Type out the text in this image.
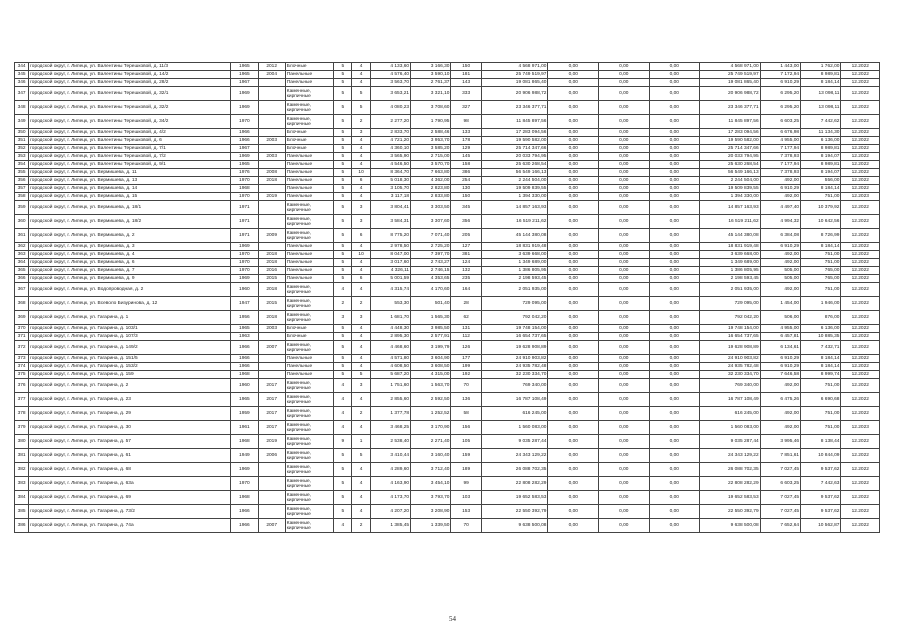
344	городской округ, г. Липецк, ул. Валентины Терешковой, д. 11/3	1965	2012	Блочные	5	4	4 133,60	3 166,30	150	4 568 971,00	0,00	0,00	0,00	4 568 971,00	1 443,00	1 762,00	12.2022
345	городской округ, г. Липецк, ул. Валентины Терешковой, д. 14/2	1965	2004	Панельные	5	4	4 576,40	3 590,10	181	25 749 519,97	0,00	0,00	0,00	25 749 519,97	7 172,94	8 989,81	12.2022
346	городской округ, г. Липецк, ул. Валентины Терешковой, д. 28/2	1967		Панельные	5	4	3 563,70	2 761,37	143	19 081 865,40	0,00	0,00	0,00	19 081 865,40	6 910,29	8 184,14	12.2022
347	городской округ, г. Липецк, ул. Валентины Терешковой, д. 32/1	1969		Каменные, кирпичные	5	5	3 653,21	3 321,10	333	20 906 988,72	0,00	0,00	0,00	20 906 988,72	6 295,20	13 098,11	12.2022
348	городской округ, г. Липецк, ул. Валентины Терешковой, д. 32/2	1969		Каменные, кирпичные	5	5	4 080,23	3 708,60	327	23 346 377,71	0,00	0,00	0,00	23 346 377,71	6 295,20	13 098,11	12.2022
349	городской округ, г. Липецк, ул. Валентины Терешковой, д. 34/2	1970		Каменные, кирпичные	5	2	2 277,20	1 790,95	98	11 845 897,56	0,00	0,00	0,00	11 845 897,56	6 603,25	7 442,62	12.2022
350	городской округ, г. Липецк, ул. Валентины Терешковой, д. 4/2	1966		Блочные	5	3	2 833,70	2 588,46	133	17 283 094,56	0,00	0,00	0,00	17 283 094,56	6 676,98	11 134,30	12.2022
351	городской округ, г. Липецк, ул. Валентины Терешковой, д. 6	1966	2003	Блочные	5	4	4 721,20	3 953,70	178	19 590 582,00	0,00	0,00	0,00	19 590 582,00	4 955,00	6 136,00	12.2022
352	городской округ, г. Липецк, ул. Валентины Терешковой, д. 7/1	1967		Блочные	5	4	4 360,10	3 585,20	129	25 714 347,66	0,00	0,00	0,00	25 714 347,66	7 177,94	8 989,81	12.2022
353	городской округ, г. Липецк, ул. Валентины Терешковой, д. 7/2	1969	2003	Панельные	5	4	3 565,90	2 715,00	145	20 033 794,95	0,00	0,00	0,00	20 033 794,95	7 378,93	8 194,07	12.2022
354	городской округ, г. Липецк, ул. Валентины Терешковой, д. 9/1	1965		Панельные	5	4	4 546,50	3 570,70	158	25 630 268,54	0,00	0,00	0,00	25 630 268,54	7 177,94	8 989,81	12.2022
355	городской округ, г. Липецк, ул. Вермишева, д. 11	1976	2008	Панельные	5	10	8 364,70	7 663,80	386	56 549 166,13	0,00	0,00	0,00	56 549 166,13	7 378,93	8 194,07	12.2022
356	городской округ, г. Липецк, ул. Вермишева, д. 13	1970	2018	Панельные	5	6	5 018,30	4 362,00	254	2 244 504,00	0,00	0,00	0,00	2 244 504,00	492,00	556,00	12.2022
357	городской округ, г. Липецк, ул. Вермишева, д. 14	1968		Панельные	5	4	3 105,70	2 823,80	130	19 509 839,55	0,00	0,00	0,00	19 509 839,55	6 910,29	8 184,14	12.2022
358	городской округ, г. Липецк, ул. Вермишева, д. 15	1970	2019	Панельные	5	4	3 117,18	2 833,80	150	1 394 330,00	0,00	0,00	0,00	1 394 330,00	492,00	751,00	12.2023
359	городской округ, г. Липецк, ул. Вермишева, д. 18/1	1971		Каменные, кирпичные	5	3	3 804,41	3 303,50	345	14 857 163,93	0,00	0,00	0,00	14 857 163,93	4 497,40	10 379,92	12.2022
360	городской округ, г. Липецк, ул. Вермишева, д. 18/2	1971		Каменные, кирпичные	5	3	3 584,31	3 307,60	356	16 519 211,62	0,00	0,00	0,00	16 519 211,62	4 994,32	10 642,56	12.2022
361	городской округ, г. Липецк, ул. Вермишева, д. 2	1971	2009	Каменные, кирпичные	5	6	8 775,20	7 071,40	205	45 144 380,08	0,00	0,00	0,00	45 144 380,08	6 384,08	8 726,99	12.2022
362	городской округ, г. Липецк, ул. Вермишева, д. 3	1969		Панельные	5	4	2 978,50	2 725,20	127	18 831 919,48	0,00	0,00	0,00	18 831 919,48	6 910,29	8 184,14	12.2022
363	городской округ, г. Липецк, ул. Вермишева, д. 4	1970	2018	Панельные	5	10	8 047,00	7 397,70	381	3 639 668,00	0,00	0,00	0,00	3 639 668,00	492,00	751,00	12.2022
364	городской округ, г. Липецк, ул. Вермишева, д. 6	1970	2018	Панельные	5	4	3 017,60	2 743,27	124	1 349 689,00	0,00	0,00	0,00	1 349 689,00	492,00	751,00	12.2022
365	городской округ, г. Липецк, ул. Вермишева, д. 7	1970	2016	Панельные	5	4	4 326,11	2 746,15	132	1 386 805,95	0,00	0,00	0,00	1 386 805,95	505,00	765,00	12.2022
366	городской округ, г. Липецк, ул. Вермишева, д. 9	1969	2015	Панельные	5	6	5 001,59	4 353,65	235	2 198 593,45	0,00	0,00	0,00	2 198 593,45	505,00	765,00	12.2022
367	городской округ, г. Липецк, ул. Водопроводная, д. 2	1960	2018	Каменные, кирпичные	4	4	4 315,74	4 170,60	164	2 051 935,00	0,00	0,00	0,00	2 051 935,00	492,00	751,00	12.2022
368	городской округ, г. Липецк, ул. Всеволо Бизуринова, д. 12	1947	2015	Каменные, кирпичные	2	2	553,30	501,40	28	729 095,00	0,00	0,00	0,00	729 095,00	1 454,00	1 946,00	12.2022
369	городской округ, г. Липецк, ул. Гагарина, д. 1	1956	2018	Каменные, кирпичные	3	3	1 681,70	1 565,30	62	792 042,20	0,00	0,00	0,00	792 042,20	506,00	876,00	12.2022
370	городской округ, г. Липецк, ул. Гагарина, д. 103/1	1965	2003	Блочные	5	4	4 448,30	3 985,50	131	19 748 154,00	0,00	0,00	0,00	19 748 154,00	4 955,00	6 136,00	12.2022
371	городской округ, г. Липецк, ул. Гагарина, д. 107/3	1963		Блочные	5	4	2 895,30	2 577,91	112	16 654 737,65	0,00	0,00	0,00	16 654 737,65	6 457,81	10 885,35	12.2022
372	городской округ, г. Липецк, ул. Гагарина, д. 149/2	1966	2007	Каменные, кирпичные	5	4	4 468,60	3 199,79	126	19 628 908,89	0,00	0,00	0,00	19 628 908,89	6 134,61	7 432,71	12.2022
373	городской округ, г. Липецк, ул. Гагарина, д. 151/5	1966		Панельные	5	4	4 571,80	3 604,90	177	24 910 903,82	0,00	0,00	0,00	24 910 903,82	6 910,29	8 184,14	12.2022
374	городской округ, г. Липецк, ул. Гагарина, д. 153/2	1966		Панельные	5	4	4 608,50	3 608,50	199	24 935 782,48	0,00	0,00	0,00	24 935 782,48	6 910,29	8 184,14	12.2022
375	городской округ, г. Липецк, ул. Гагарина, д. 159	1968		Панельные	5	5	5 687,20	4 315,00	192	32 230 334,70	0,00	0,00	0,00	32 230 334,70	7 646,58	8 999,74	12.2022
376	городской округ, г. Липецк, ул. Гагарина, д. 2	1960	2017	Каменные, кирпичные	4	3	1 751,60	1 563,70	70	769 340,00	0,00	0,00	0,00	769 340,00	492,00	751,00	12.2022
377	городской округ, г. Липецк, ул. Гагарина, д. 23	1965	2017	Каменные, кирпичные	4	4	2 855,60	2 592,50	136	16 787 108,49	0,00	0,00	0,00	16 787 108,49	6 475,26	6 690,68	12.2022
378	городской округ, г. Липецк, ул. Гагарина, д. 29	1959	2017	Каменные, кирпичные	4	2	1 377,78	1 252,52	58	616 245,00	0,00	0,00	0,00	616 245,00	492,00	751,00	12.2022
379	городской округ, г. Липецк, ул. Гагарина, д. 30	1961	2017	Каменные, кирпичные	4	4	3 468,25	3 170,90	156	1 560 083,00	0,00	0,00	0,00	1 560 083,00	492,00	751,00	12.2023
380	городской округ, г. Липецк, ул. Гагарина, д. 57	1968	2019	Каменные, кирпичные	9	1	2 538,40	2 271,40	105	9 035 287,44	0,00	0,00	0,00	9 035 287,44	3 995,46	8 138,44	12.2022
381	городской округ, г. Липецк, ул. Гагарина, д. 61	1949	2006	Каменные, кирпичные	5	5	3 410,44	3 160,40	159	24 343 129,22	0,00	0,00	0,00	24 343 129,22	7 851,61	10 844,09	12.2022
382	городской округ, г. Липецк, ул. Гагарина, д. 68	1969		Каменные, кирпичные	5	4	4 289,60	3 712,40	189	26 088 702,35	0,00	0,00	0,00	26 088 702,35	7 027,45	9 537,62	12.2022
383	городской округ, г. Липецк, ул. Гагарина, д. 63а	1970		Каменные, кирпичные	5	4	4 163,90	3 454,10	99	22 808 282,29	0,00	0,00	0,00	22 808 282,29	6 603,25	7 442,63	12.2022
384	городской округ, г. Липецк, ул. Гагарина, д. 69	1968		Каменные, кирпичные	5	4	4 173,70	3 793,70	103	19 652 583,53	0,00	0,00	0,00	19 652 583,53	7 027,45	9 537,62	12.2022
385	городской округ, г. Липецк, ул. Гагарина, д. 73/2	1966		Каменные, кирпичные	5	4	4 207,20	3 208,90	153	22 550 392,79	0,00	0,00	0,00	22 550 392,79	7 027,45	9 537,62	12.2022
386	городской округ, г. Липецк, ул. Гагарина, д. 74а	1966	2007	Каменные, кирпичные	4	2	1 385,45	1 339,50	70	9 638 500,08	0,00	0,00	0,00	9 638 500,08	7 652,64	10 562,87	12.2022
54
